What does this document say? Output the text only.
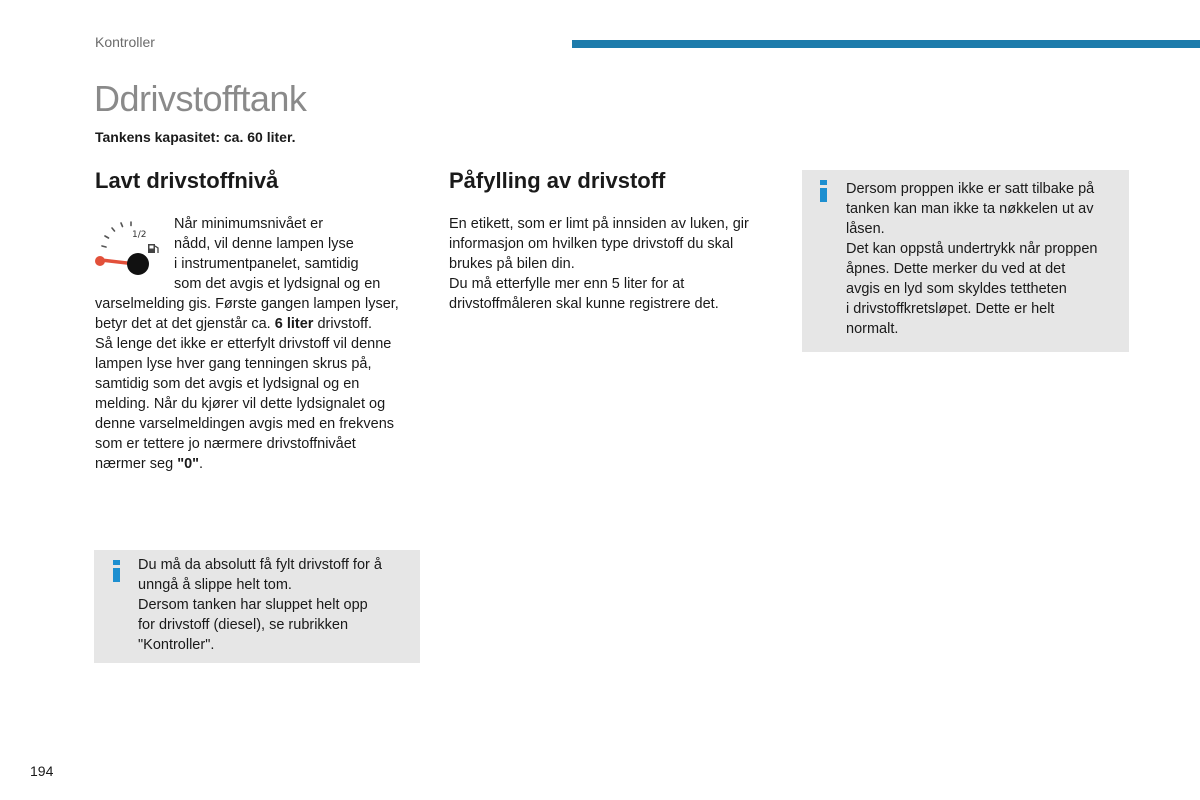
Kontroller
Ddrivstofftank
Tankens kapasitet: ca. 60 liter.
Lavt drivstoffnivå
1/2
Når minimumsnivået er
nådd, vil denne lampen lyse
i instrumentpanelet, samtidig
som det avgis et lydsignal og en
varselmelding gis. Første gangen lampen lyser,
betyr det at det gjenstår ca. 6 liter drivstoff.
Så lenge det ikke er etterfylt drivstoff vil denne
lampen lyse hver gang tenningen skrus på,
samtidig som det avgis et lydsignal og en
melding. Når du kjører vil dette lydsignalet og
denne varselmeldingen avgis med en frekvens
som er tettere jo nærmere drivstoffnivået
nærmer seg "0".
Du må da absolutt få fylt drivstoff for å
unngå å slippe helt tom.
Dersom tanken har sluppet helt opp
for drivstoff (diesel), se rubrikken
"Kontroller".
Påfylling av drivstoff
En etikett, som er limt på innsiden av luken, gir
informasjon om hvilken type drivstoff du skal
brukes på bilen din.
Du må etterfylle mer enn 5 liter for at
drivstoffmåleren skal kunne registrere det.
Dersom proppen ikke er satt tilbake på
tanken kan man ikke ta nøkkelen ut av
låsen.
Det kan oppstå undertrykk når proppen
åpnes. Dette merker du ved at det
avgis en lyd som skyldes tettheten
i drivstoffkretsløpet. Dette er helt
normalt.
194
